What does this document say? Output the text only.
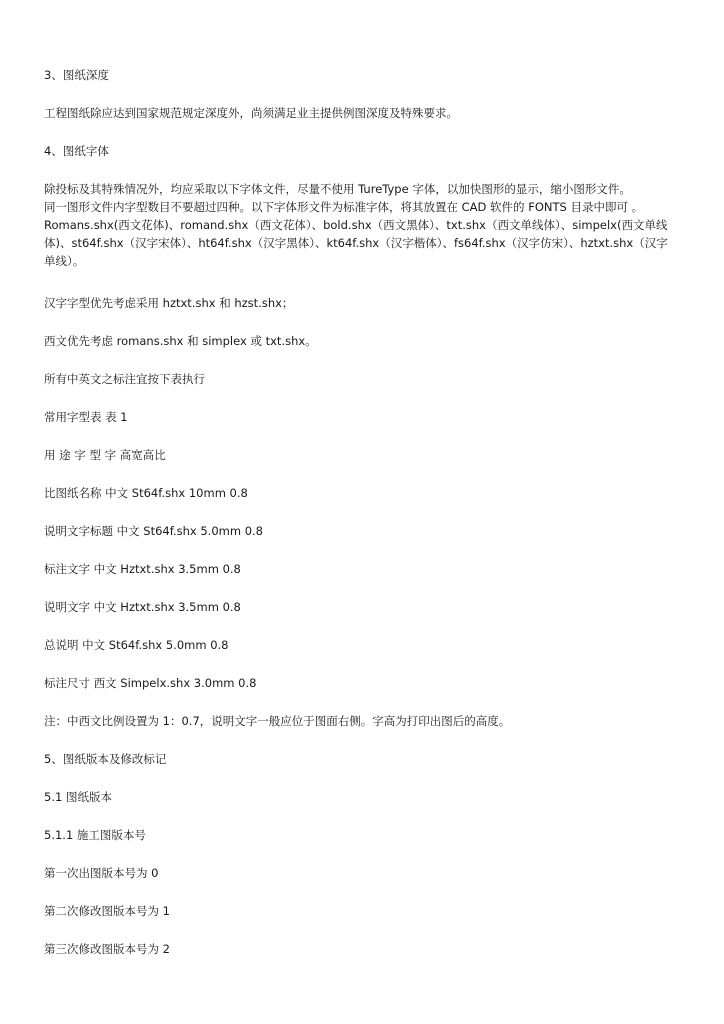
3、图纸深度
工程图纸除应达到国家规范规定深度外，尚须满足业主提供例图深度及特殊要求。
4、图纸字体

除投标及其特殊情况外，均应采取以下字体文件，尽量不使用 TureType 字体，以加快图形的显示，缩小图形文件。

同一图形文件内字型数目不要超过四种。以下字体形文件为标准字体，将其放置在 CAD 软件的 FONTS 目录中即可 。

Romans.shx(西文花体)、romand.shx（西文花体）、bold.shx（西文黑体）、txt.shx（西文单线体）、simpelx(西文单线

体)、st64f.shx（汉字宋体）、ht64f.shx（汉字黑体）、kt64f.shx（汉字楷体）、fs64f.shx（汉字仿宋）、hztxt.shx（汉字

单线）。

汉字字型优先考虑采用 hztxt.shx 和 hzst.shx；
西文优先考虑 romans.shx 和 simplex 或 txt.shx。
所有中英文之标注宜按下表执行
常用字型表 表 1
用 途 字 型 字 高宽高比
比图纸名称 中文 St64f.shx 10mm 0.8
说明文字标题 中文 St64f.shx 5.0mm 0.8
标注文字 中文 Hztxt.shx 3.5mm 0.8
说明文字 中文 Hztxt.shx 3.5mm 0.8
总说明 中文 St64f.shx 5.0mm 0.8
标注尺寸 西文 Simpelx.shx 3.0mm 0.8
注：中西文比例设置为 1：0.7，说明文字一般应位于图面右侧。字高为打印出图后的高度。
5、图纸版本及修改标记
5.1 图纸版本
5.1.1 施工图版本号
第一次出图版本号为 0
第二次修改图版本号为 1
第三次修改图版本号为 2
